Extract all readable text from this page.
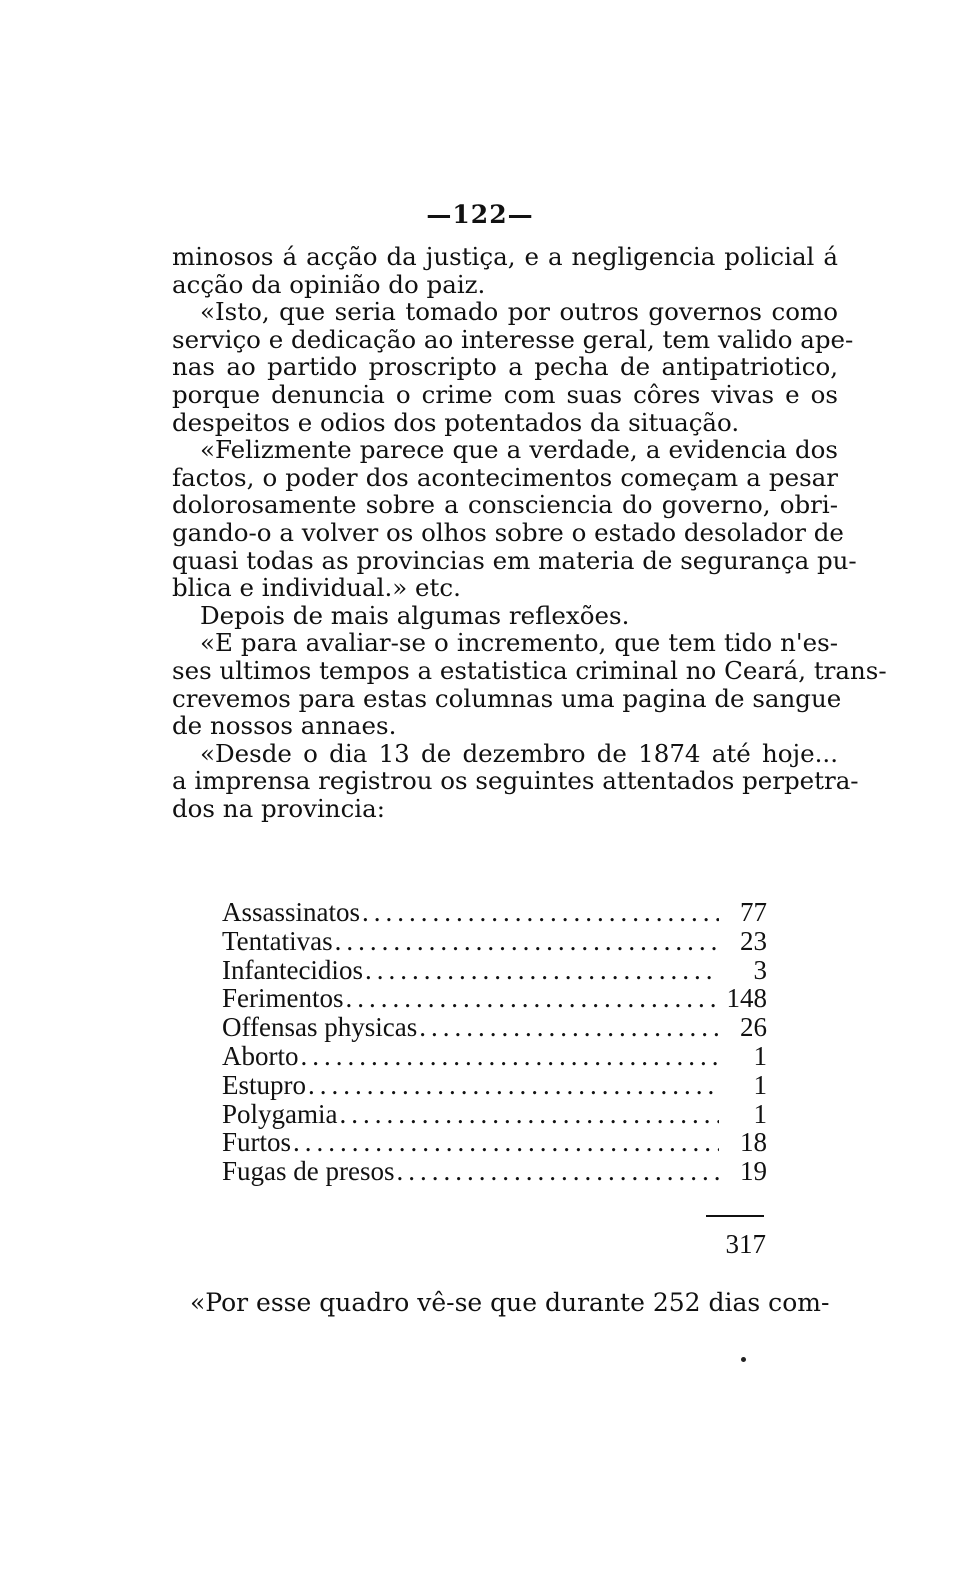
—122—
minosos á acção da justiça, e a negligencia policial á
acção da opinião do paiz.
«Isto, que seria tomado por outros governos como
serviço e dedicação ao interesse geral, tem valido ape-
nas ao partido proscripto a pecha de antipatriotico,
porque denuncia o crime com suas côres vivas e os
despeitos e odios dos potentados da situação.
«Felizmente parece que a verdade, a evidencia dos
factos, o poder dos acontecimentos começam a pesar
dolorosamente sobre a consciencia do governo, obri-
gando-o a volver os olhos sobre o estado desolador de
quasi todas as provincias em materia de segurança pu-
blica e individual.» etc.
Depois de mais algumas reflexões.
«E para avaliar-se o incremento, que tem tido n'es-
ses ultimos tempos a estatistica criminal no Ceará, trans-
crevemos para estas columnas uma pagina de sangue
de nossos annaes.
«Desde o dia 13 de dezembro de 1874 até hoje...
a imprensa registrou os seguintes attentados perpetra-
dos na provincia:
Assassinatos .....	77
Tentativas .....	23
Infantecidios .....	3
Ferimentos .....	148
Offensas physicas .....	26
Aborto .....	1
Estupro .....	1
Polygamia .....	1
Furtos .....	18
Fugas de presos .....	19
317
«Por esse quadro vê-se que durante 252 dias com-
